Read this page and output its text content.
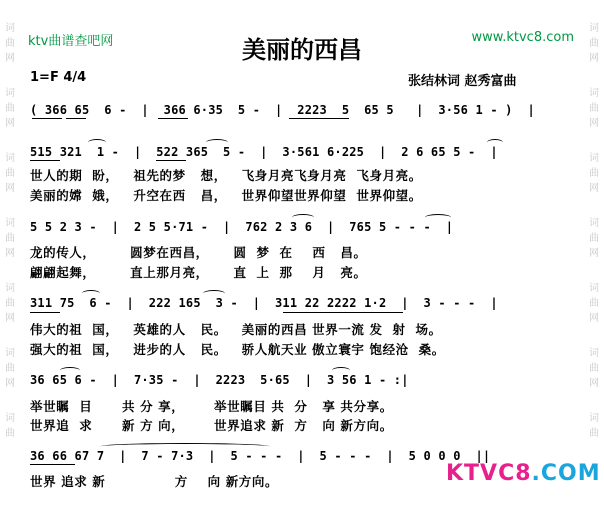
词
曲
网
词
曲
网
词
曲
网
词
曲
网
词
曲
网
词
曲
网
词
曲
词
曲
网
词
曲
网
词
曲
网
词
曲
网
词
曲
网
词
曲
网
词
曲
ktv曲谱查吧网	www.ktvc8.com
美丽的西昌
1=F 4/4	张结林词 赵秀富曲
( 366 65  6 -  |  366 6·35  5 -  |  2223  5  65 5   |  3·56 1 - )  |
515 321  1 -  |  522 365  5 -  |  3·561 6·225  |  2 6 65 5 -  |
世人的期  盼，   祖先的梦   想，   飞身月亮飞身月亮  飞身月亮。
美丽的嫦  娥，   升空在西   昌，   世界仰望世界仰望  世界仰望。
5 5 2 3 -  |  2 5 5·71 -  |  762 2 3 6  |  765 5 - - -  |
龙的传人，       圆梦在西昌，     圆  梦  在    西   昌。
翩翩起舞，       直上那月亮，     直  上  那    月   亮。
311 75  6 -  |  222 165  3 -  |  311 22 2222 1·2  |  3 - - -  |
伟大的祖  国，   英雄的人   民。   美丽的西昌 世界一流 发  射  场。
强大的祖  国，   进步的人   民。   骄人航天业 傲立寰宇 饱经沧  桑。
36 65 6 -  |  7·35 -  |  2223  5·65  |  3 56 1 - :|
举世瞩  目      共 分 享，      举世瞩目 共  分   享 共分享。
世界追  求      新 方 向，      世界追求 新  方   向 新方向。
36 66 67 7  |  7 - 7·3  |  5 - - -  |  5 - - -  |  5 0 0 0  ||
世界 追求 新              方    向 新方向。	KTVC8.COM
